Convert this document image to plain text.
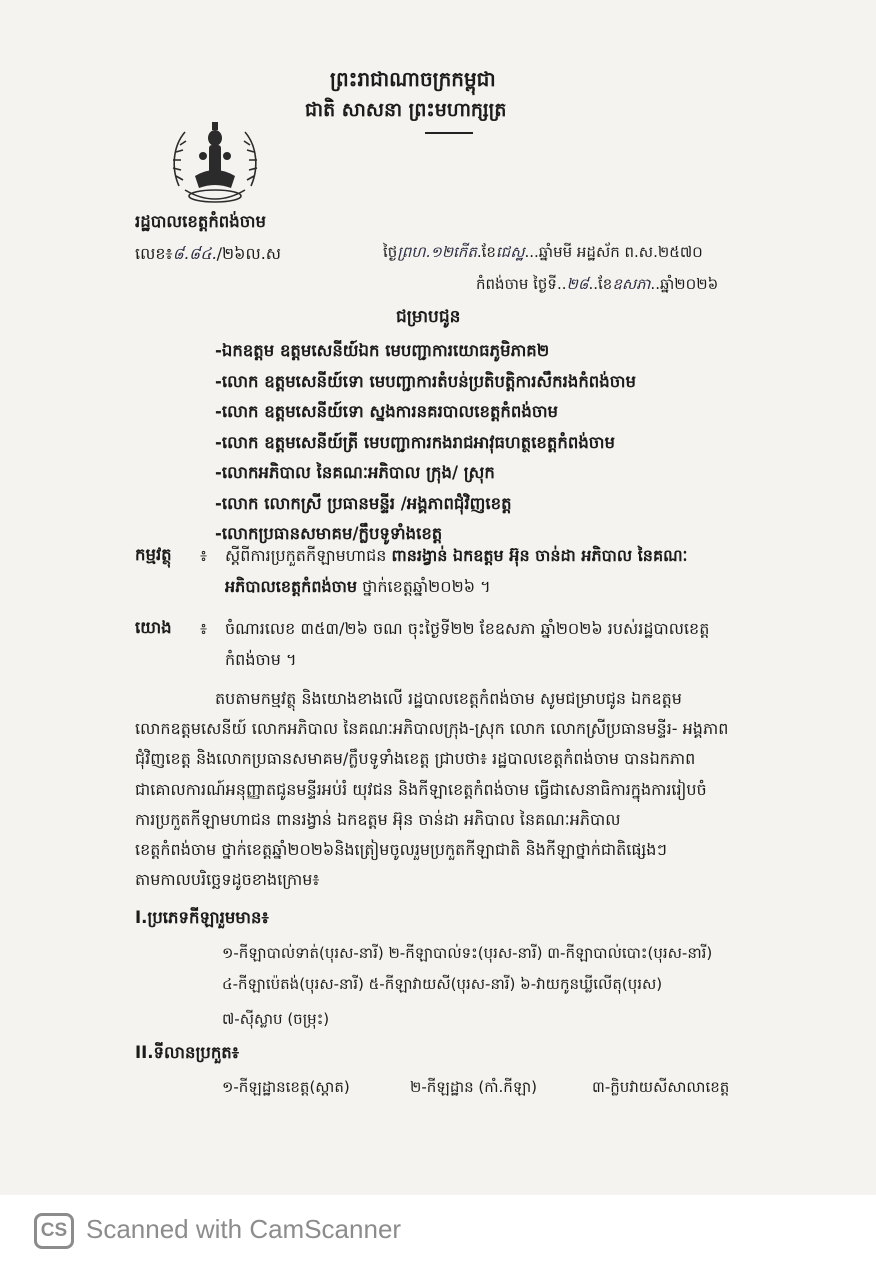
ព្រះរាជាណាចក្រកម្ពុជា
ជាតិ សាសនា ព្រះមហាក្សត្រ
រដ្ឋបាលខេត្តកំពង់ចាម
លេខ៖៨.៨៤./២៦ល.ស	ថ្ងៃព្រហ.១២កើត.ខែជេស្ឋ...ឆ្នាំមមី អដ្ឋស័ក ព.ស.២៥៧០
កំពង់ចាម ថ្ងៃទី..២៨..ខែឧសភា..ឆ្នាំ២០២៦
ជម្រាបជូន
-ឯកឧត្តម ឧត្តមសេនីយ៍ឯក មេបញ្ជាការយោធភូមិភាគ២
-លោក ឧត្តមសេនីយ៍ទោ មេបញ្ជាការតំបន់ប្រតិបត្តិការសឹករងកំពង់ចាម
-លោក ឧត្តមសេនីយ៍ទោ ស្នងការនគរបាលខេត្តកំពង់ចាម
-លោក ឧត្តមសេនីយ៍ត្រី មេបញ្ជាការកងរាជអាវុធហត្ថខេត្តកំពង់ចាម
-លោកអភិបាល នៃគណៈអភិបាល ក្រុង/ ស្រុក
-លោក លោកស្រី ប្រធានមន្ទីរ /អង្គភាពជុំវិញខេត្ត
-លោកប្រធានសមាគម/ក្លឹបទូទាំងខេត្ត
កម្មវត្ថុ ៖ ស្តីពីការប្រកួតកីឡាមហាជន ពានរង្វាន់ ឯកឧត្តម អ៊ុន ចាន់ដា អភិបាល នៃគណៈ
អភិបាលខេត្តកំពង់ចាម ថ្នាក់ខេត្តឆ្នាំ២០២៦ ។
យោង ៖ ចំណារលេខ ៣៥៣/២៦ ចណ ចុះថ្ងៃទី២២ ខែឧសភា ឆ្នាំ២០២៦ របស់រដ្ឋបាលខេត្ត
កំពង់ចាម ។
តបតាមកម្មវត្ថុ និងយោងខាងលើ រដ្ឋបាលខេត្តកំពង់ចាម សូមជម្រាបជូន ឯកឧត្តម
លោកឧត្តមសេនីយ៍ លោកអភិបាល នៃគណៈអភិបាលក្រុង-ស្រុក លោក លោកស្រីប្រធានមន្ទីរ- អង្គភាព
ជុំវិញខេត្ត និងលោកប្រធានសមាគម/ក្លឹបទូទាំងខេត្ត ជ្រាបថា៖ រដ្ឋបាលខេត្តកំពង់ចាម បានឯកភាព
ជាគោលការណ៍អនុញ្ញាតជូនមន្ទីរអប់រំ យុវជន និងកីឡាខេត្តកំពង់ចាម ធ្វើជាសេនាធិការក្នុងការរៀបចំ
ការប្រកួតកីឡាមហាជន ពានរង្វាន់ ឯកឧត្តម អ៊ុន ចាន់ដា អភិបាល នៃគណៈអភិបាល
ខេត្តកំពង់ចាម ថ្នាក់ខេត្តឆ្នាំ២០២៦និងត្រៀមចូលរួមប្រកួតកីឡាជាតិ និងកីឡាថ្នាក់ជាតិផ្សេងៗ
តាមកាលបរិច្ឆេទដូចខាងក្រោម៖
I.ប្រភេទកីឡារួមមាន៖
១-កីឡាបាល់ទាត់(បុរស-នារី) ២-កីឡាបាល់ទះ(បុរស-នារី) ៣-កីឡាបាល់បោះ(បុរស-នារី)
៤-កីឡាប៉េតង់(បុរស-នារី) ៥-កីឡាវាយសី(បុរស-នារី) ៦-វាយកូនឃ្លីលើតុ(បុរស)
៧-ស៊ីស្លាប (ចម្រុះ)
II.ទីលានប្រកួត៖
១-កីឡដ្ឋានខេត្ត(ស្តាត)	២-កីឡដ្ឋាន (កាំ.កីឡា)	៣-ក្លិបវាយសីសាលាខេត្ត
CS Scanned with CamScanner
